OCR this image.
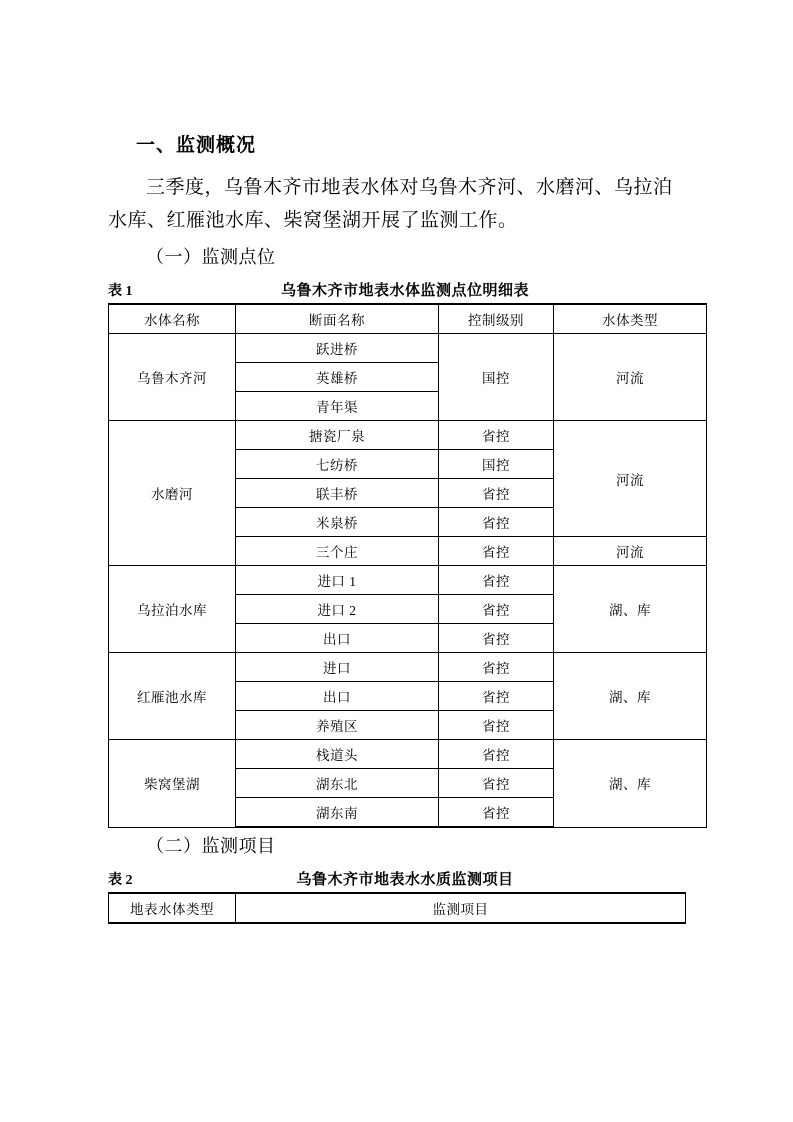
一、监测概况

三季度，乌鲁木齐市地表水体对乌鲁木齐河、水磨河、乌拉泊水库、红雁池水库、柴窝堡湖开展了监测工作。

（一）监测点位

表 1	乌鲁木齐市地表水体监测点位明细表
水体名称	断面名称	控制级别	水体类型
乌鲁木齐河	跃进桥	国控	河流
	英雄桥		
	青年渠		
水磨河	搪瓷厂泉	省控	河流
	七纺桥	国控	
	联丰桥	省控	
	米泉桥	省控	
	三个庄	省控	河流
乌拉泊水库	进口 1	省控	湖、库
	进口 2	省控	
	出口	省控	
红雁池水库	进口	省控	湖、库
	出口	省控	
	养殖区	省控	
柴窝堡湖	栈道头	省控	湖、库
	湖东北	省控	
	湖东南	省控	

（二）监测项目

表 2	乌鲁木齐市地表水水质监测项目
地表水体类型	监测项目
